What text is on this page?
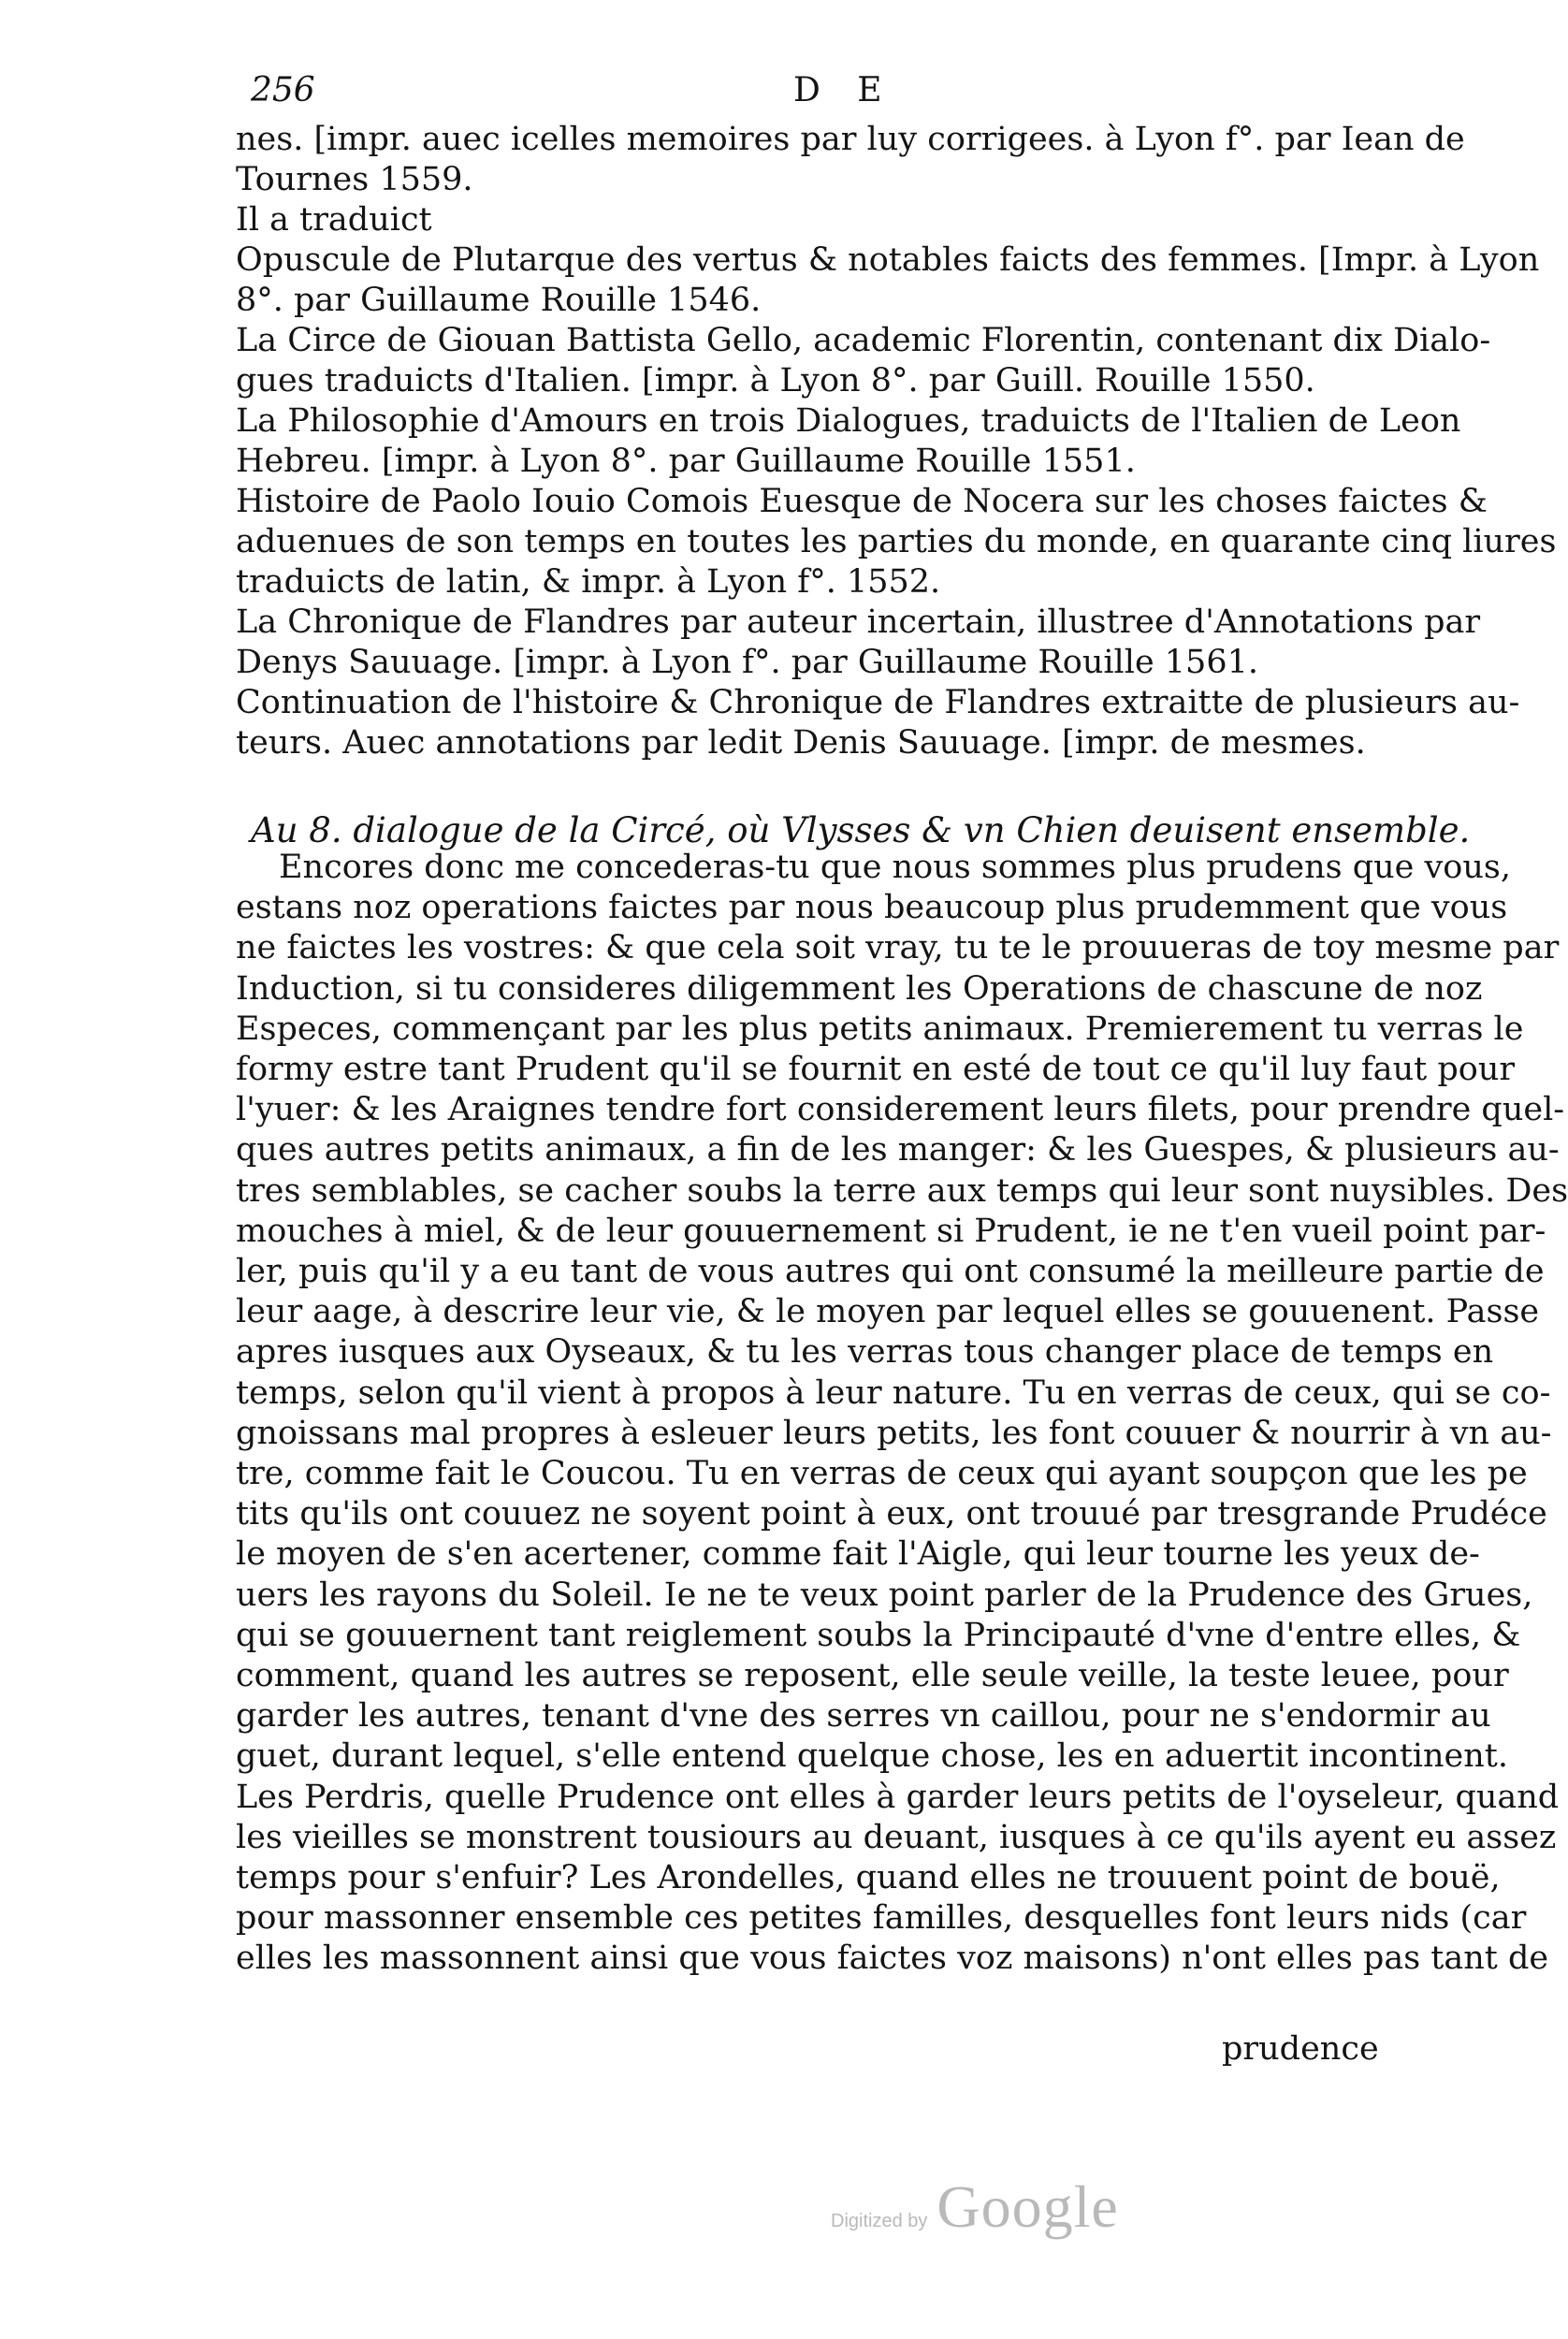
256	D E

nes. [impr. auec icelles memoires par luy corrigees. à Lyon f°. par Iean de
Tournes 1559.

Il a traduict

Opuscule de Plutarque des vertus & notables faicts des femmes. [Impr. à Lyon
8°. par Guillaume Rouille 1546.

La Circe de Giouan Battista Gello, academic Florentin, contenant dix Dialo-
gues traduicts d'Italien. [impr. à Lyon 8°. par Guill. Rouille 1550.

La Philosophie d'Amours en trois Dialogues, traduicts de l'Italien de Leon
Hebreu. [impr. à Lyon 8°. par Guillaume Rouille 1551.

Histoire de Paolo Iouio Comois Euesque de Nocera sur les choses faictes &
aduenues de son temps en toutes les parties du monde, en quarante cinq liures
traduicts de latin, & impr. à Lyon f°. 1552.

La Chronique de Flandres par auteur incertain, illustree d'Annotations par
Denys Sauuage. [impr. à Lyon f°. par Guillaume Rouille 1561.

Continuation de l'histoire & Chronique de Flandres extraitte de plusieurs au-
teurs. Auec annotations par ledit Denis Sauuage. [impr. de mesmes.

Au 8. dialogue de la Circé, où Vlysses & vn Chien deuisent ensemble.
Encores donc me concederas-tu que nous sommes plus prudens que vous,
estans noz operations faictes par nous beaucoup plus prudemment que vous
ne faictes les vostres: & que cela soit vray, tu te le prouueras de toy mesme par
Induction, si tu consideres diligemment les Operations de chascune de noz
Especes, commençant par les plus petits animaux. Premierement tu verras le
formy estre tant Prudent qu'il se fournit en esté de tout ce qu'il luy faut pour
l'yuer: & les Araignes tendre fort considerement leurs filets, pour prendre quel-
ques autres petits animaux, a fin de les manger: & les Guespes, & plusieurs au-
tres semblables, se cacher soubs la terre aux temps qui leur sont nuysibles. Des
mouches à miel, & de leur gouuernement si Prudent, ie ne t'en vueil point par-
ler, puis qu'il y a eu tant de vous autres qui ont consumé la meilleure partie de
leur aage, à descrire leur vie, & le moyen par lequel elles se gouuenent. Passe
apres iusques aux Oyseaux, & tu les verras tous changer place de temps en
temps, selon qu'il vient à propos à leur nature. Tu en verras de ceux, qui se co-
gnoissans mal propres à esleuer leurs petits, les font couuer & nourrir à vn au-
tre, comme fait le Coucou. Tu en verras de ceux qui ayant soupçon que les pe
tits qu'ils ont couuez ne soyent point à eux, ont trouué par tresgrande Prudéce
le moyen de s'en acertener, comme fait l'Aigle, qui leur tourne les yeux de-
uers les rayons du Soleil. Ie ne te veux point parler de la Prudence des Grues,
qui se gouuernent tant reiglement soubs la Principauté d'vne d'entre elles, &
comment, quand les autres se reposent, elle seule veille, la teste leuee, pour
garder les autres, tenant d'vne des serres vn caillou, pour ne s'endormir au
guet, durant lequel, s'elle entend quelque chose, les en aduertit incontinent.
Les Perdris, quelle Prudence ont elles à garder leurs petits de l'oyseleur, quand
les vieilles se monstrent tousiours au deuant, iusques à ce qu'ils ayent eu assez
temps pour s'enfuir? Les Arondelles, quand elles ne trouuent point de bouë,
pour massonner ensemble ces petites familles, desquelles font leurs nids (car
elles les massonnent ainsi que vous faictes voz maisons) n'ont elles pas tant de
prudence
Digitized by Google
